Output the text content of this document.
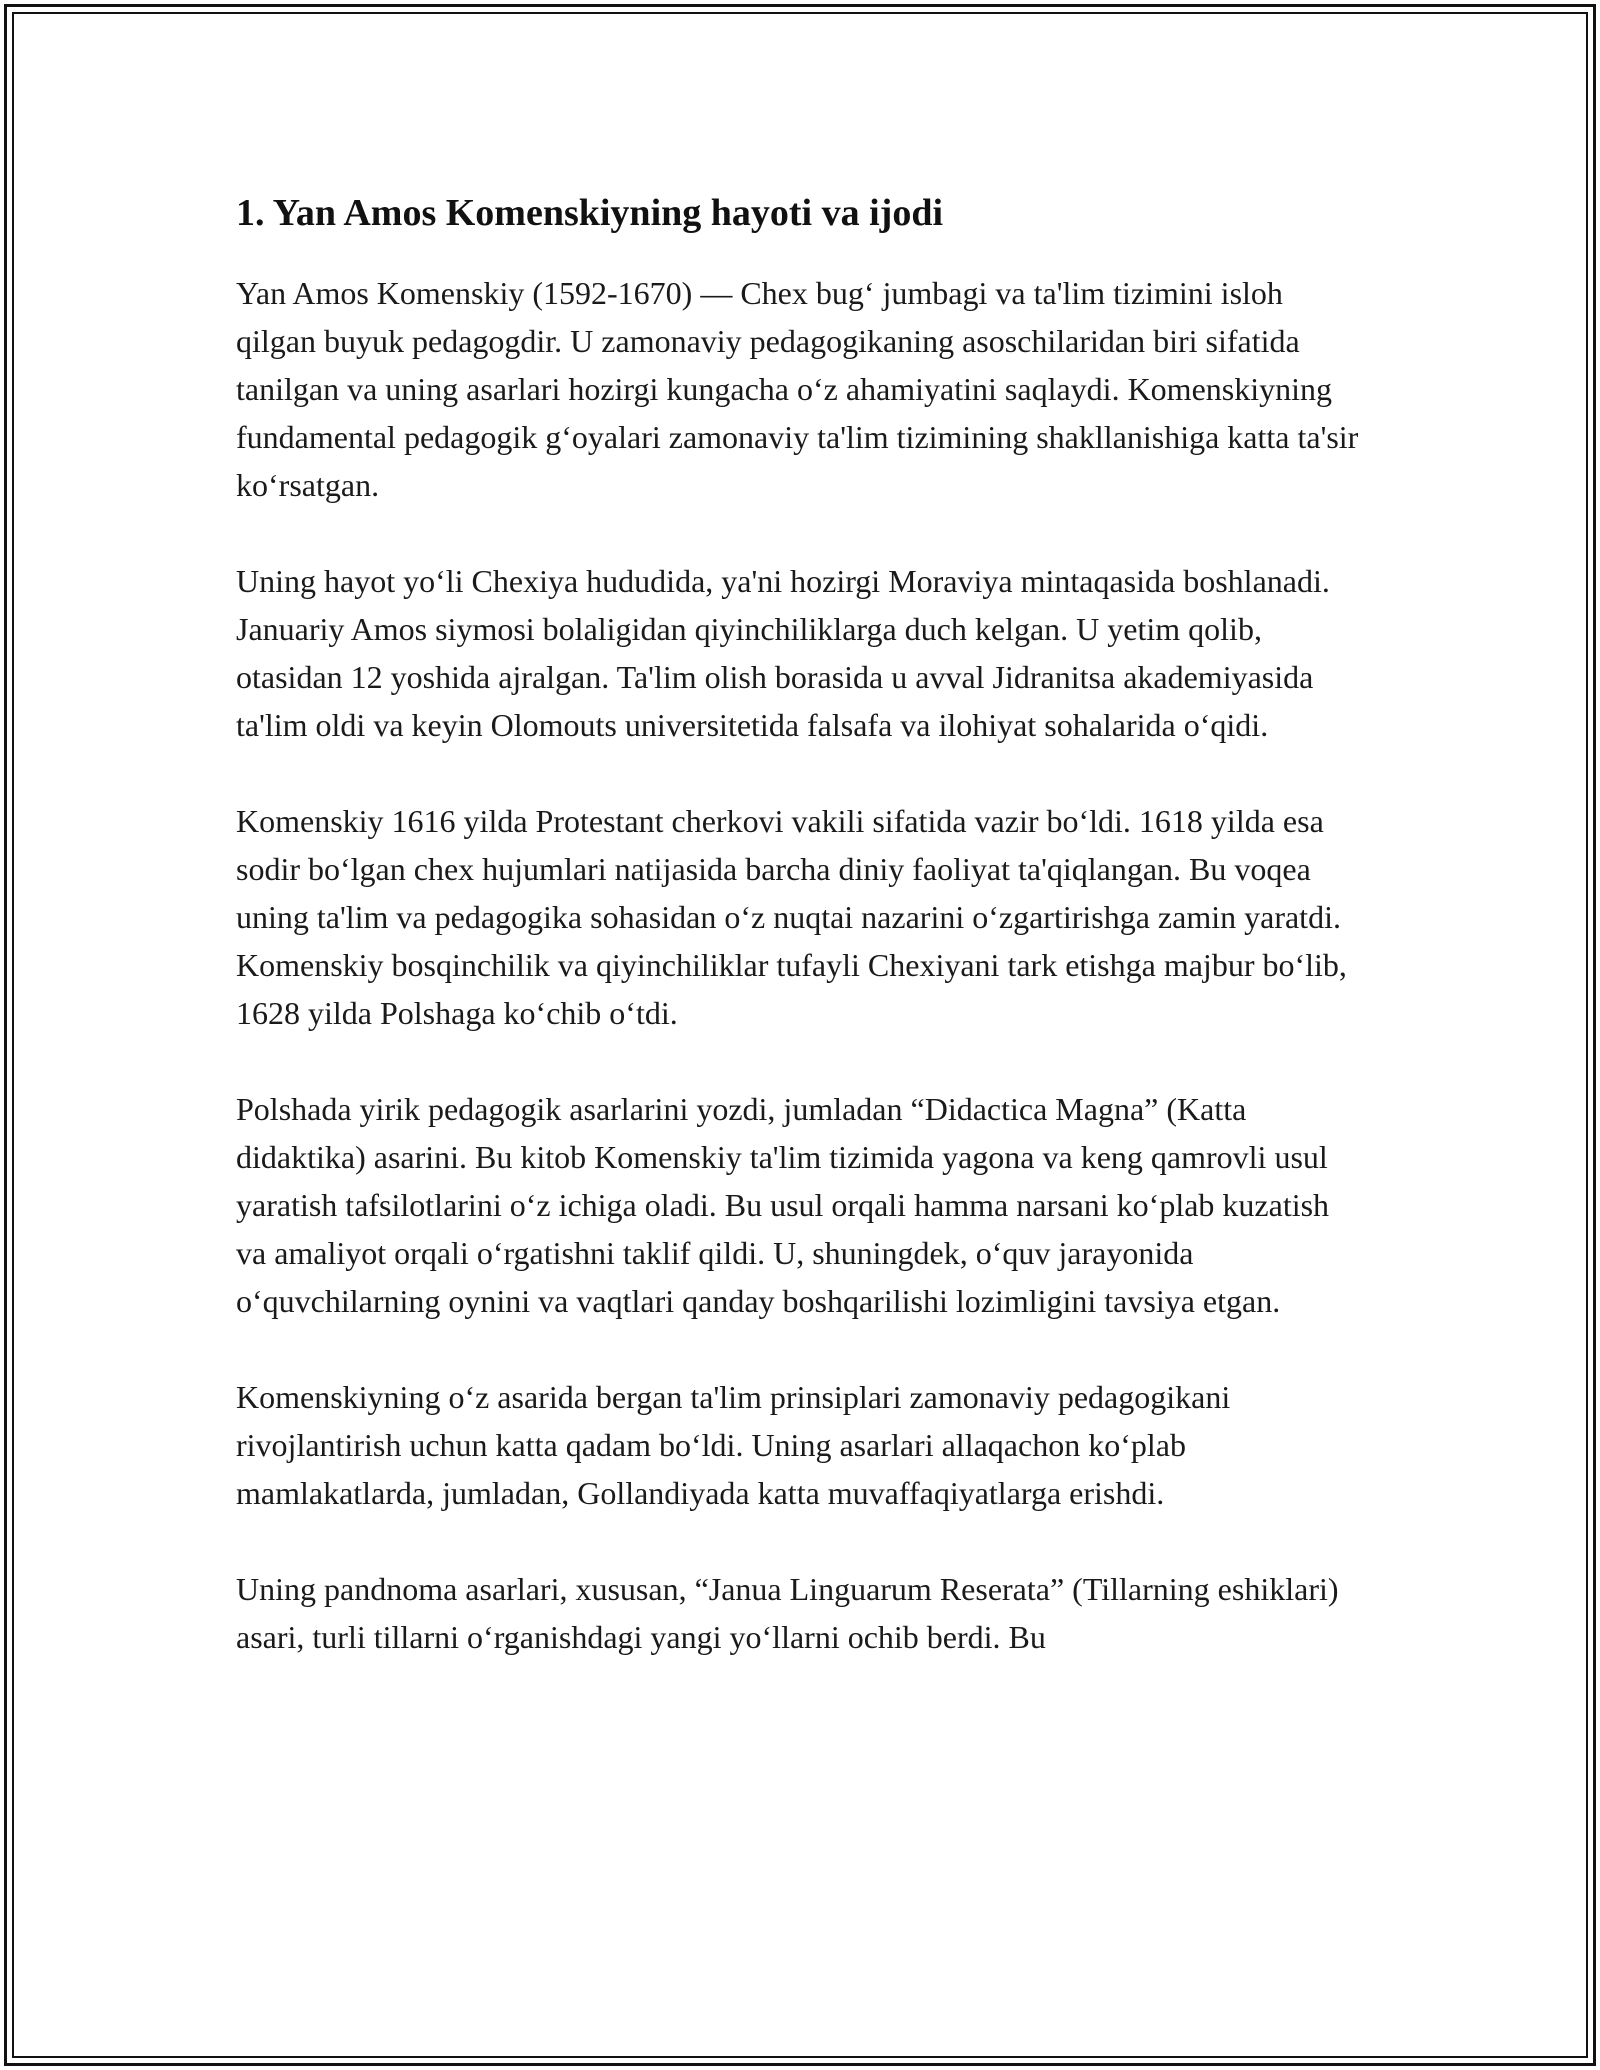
1. Yan Amos Komenskiyning hayoti va ijodi

Yan Amos Komenskiy (1592-1670) — Chex bug‘ jumbagi va ta'lim tizimini isloh qilgan buyuk pedagogdir. U zamonaviy pedagogikaning asoschilaridan biri sifatida tanilgan va uning asarlari hozirgi kungacha o‘z ahamiyatini saqlaydi. Komenskiyning fundamental pedagogik g‘oyalari zamonaviy ta'lim tizimining shakllanishiga katta ta'sir ko‘rsatgan.

Uning hayot yo‘li Chexiya hududida, ya'ni hozirgi Moraviya mintaqasida boshlanadi. Januariy Amos siymosi bolaligidan qiyinchiliklarga duch kelgan. U yetim qolib, otasidan 12 yoshida ajralgan. Ta'lim olish borasida u avval Jidranitsa akademiyasida ta'lim oldi va keyin Olomouts universitetida falsafa va ilohiyat sohalarida o‘qidi.

Komenskiy 1616 yilda Protestant cherkovi vakili sifatida vazir bo‘ldi. 1618 yilda esa sodir bo‘lgan chex hujumlari natijasida barcha diniy faoliyat ta'qiqlangan. Bu voqea uning ta'lim va pedagogika sohasidan o‘z nuqtai nazarini o‘zgartirishga zamin yaratdi. Komenskiy bosqinchilik va qiyinchiliklar tufayli Chexiyani tark etishga majbur bo‘lib, 1628 yilda Polshaga ko‘chib o‘tdi.

Polshada yirik pedagogik asarlarini yozdi, jumladan “Didactica Magna” (Katta didaktika) asarini. Bu kitob Komenskiy ta'lim tizimida yagona va keng qamrovli usul yaratish tafsilotlarini o‘z ichiga oladi. Bu usul orqali hamma narsani ko‘plab kuzatish va amaliyot orqali o‘rgatishni taklif qildi. U, shuningdek, o‘quv jarayonida o‘quvchilarning oynini va vaqtlari qanday boshqarilishi lozimligini tavsiya etgan.

Komenskiyning o‘z asarida bergan ta'lim prinsiplari zamonaviy pedagogikani rivojlantirish uchun katta qadam bo‘ldi. Uning asarlari allaqachon ko‘plab mamlakatlarda, jumladan, Gollandiyada katta muvaffaqiyatlarga erishdi.

Uning pandnoma asarlari, xususan, “Janua Linguarum Reserata” (Tillarning eshiklari) asari, turli tillarni o‘rganishdagi yangi yo‘llarni ochib berdi. Bu
